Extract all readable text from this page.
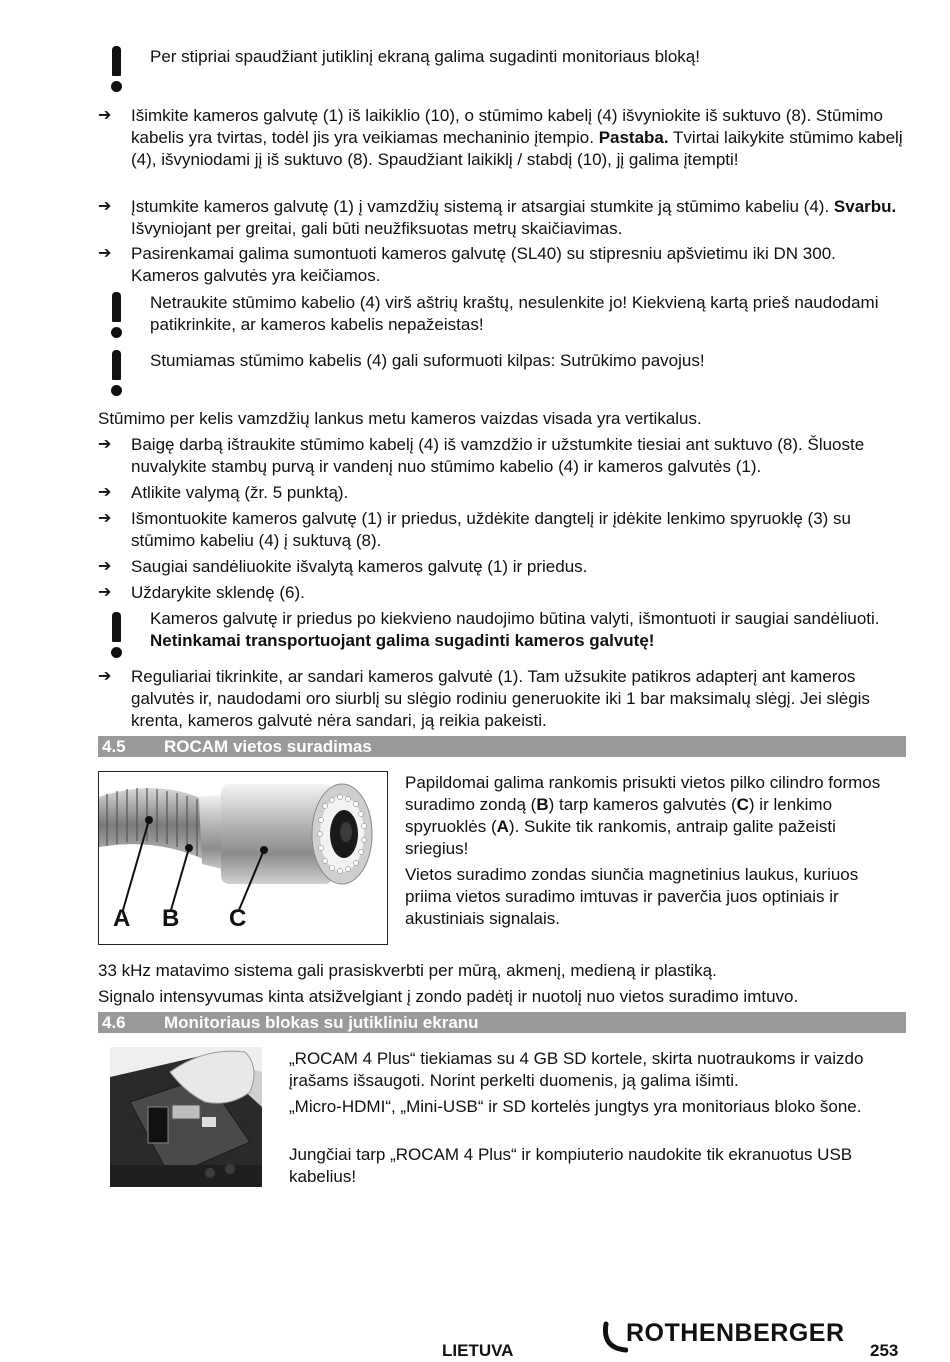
Per stipriai spaudžiant jutiklinį ekraną galima sugadinti monitoriaus bloką!

➔ Išimkite kameros galvutę (1) iš laikiklio (10), o stūmimo kabelį (4) išvyniokite iš suktuvo (8). Stūmimo kabelis yra tvirtas, todėl jis yra veikiamas mechaninio įtempio. Pastaba. Tvirtai laikykite stūmimo kabelį (4), išvyniodami jį iš suktuvo (8). Spaudžiant laikiklį / stabdį (10), jį galima įtempti!
➔ Įstumkite kameros galvutę (1) į vamzdžių sistemą ir atsargiai stumkite ją stūmimo kabeliu (4). Svarbu. Išvyniojant per greitai, gali būti neužfiksuotas metrų skaičiavimas.
➔ Pasirenkamai galima sumontuoti kameros galvutę (SL40) su stipresniu apšvietimu iki DN 300. Kameros galvutės yra keičiamos.

Netraukite stūmimo kabelio (4) virš aštrių kraštų, nesulenkite jo! Kiekvieną kartą prieš naudodami patikrinkite, ar kameros kabelis nepažeistas!

Stumiamas stūmimo kabelis (4) gali suformuoti kilpas: Sutrūkimo pavojus!

Stūmimo per kelis vamzdžių lankus metu kameros vaizdas visada yra vertikalus.

➔ Baigę darbą ištraukite stūmimo kabelį (4) iš vamzdžio ir užstumkite tiesiai ant suktuvo (8). Šluoste nuvalykite stambų purvą ir vandenį nuo stūmimo kabelio (4) ir kameros galvutės (1).
➔ Atlikite valymą (žr. 5 punktą).
➔ Išmontuokite kameros galvutę (1) ir priedus, uždėkite dangtelį ir įdėkite lenkimo spyruoklę (3) su stūmimo kabeliu (4) į suktuvą (8).
➔ Saugiai sandėliuokite išvalytą kameros galvutę (1) ir priedus.
➔ Uždarykite sklendę (6).

Kameros galvutę ir priedus po kiekvieno naudojimo būtina valyti, išmontuoti ir saugiai sandėliuoti. Netinkamai transportuojant galima sugadinti kameros galvutę!

➔ Reguliariai tikrinkite, ar sandari kameros galvutė (1). Tam užsukite patikros adapterį ant kameros galvutės ir, naudodami oro siurblį su slėgio rodiniu generuokite iki 1 bar maksimalų slėgį. Jei slėgis krenta, kameros galvutė nėra sandari, ją reikia pakeisti.
4.5 ROCAM vietos suradimas
A B C

Papildomai galima rankomis prisukti vietos pilko cilindro formos suradimo zondą (B) tarp kameros galvutės (C) ir lenkimo spyruoklės (A). Sukite tik rankomis, antraip galite pažeisti sriegius!

Vietos suradimo zondas siunčia magnetinius laukus, kuriuos priima vietos suradimo imtuvas ir paverčia juos optiniais ir akustiniais signalais.

33 kHz matavimo sistema gali prasiskverbti per mūrą, akmenį, medieną ir plastiką.

Signalo intensyvumas kinta atsižvelgiant į zondo padėtį ir nuotolį nuo vietos suradimo imtuvo.

4.6 Monitoriaus blokas su jutikliniu ekranu

„ROCAM 4 Plus“ tiekiamas su 4 GB SD kortele, skirta nuotraukoms ir vaizdo įrašams išsaugoti. Norint perkelti duomenis, ją galima išimti.

„Micro-HDMI“, „Mini-USB“ ir SD kortelės jungtys yra monitoriaus bloko šone.

Jungčiai tarp „ROCAM 4 Plus“ ir kompiuterio naudokite tik ekranuotus USB kabelius!

LIETUVA
ROTHENBERGER
253
